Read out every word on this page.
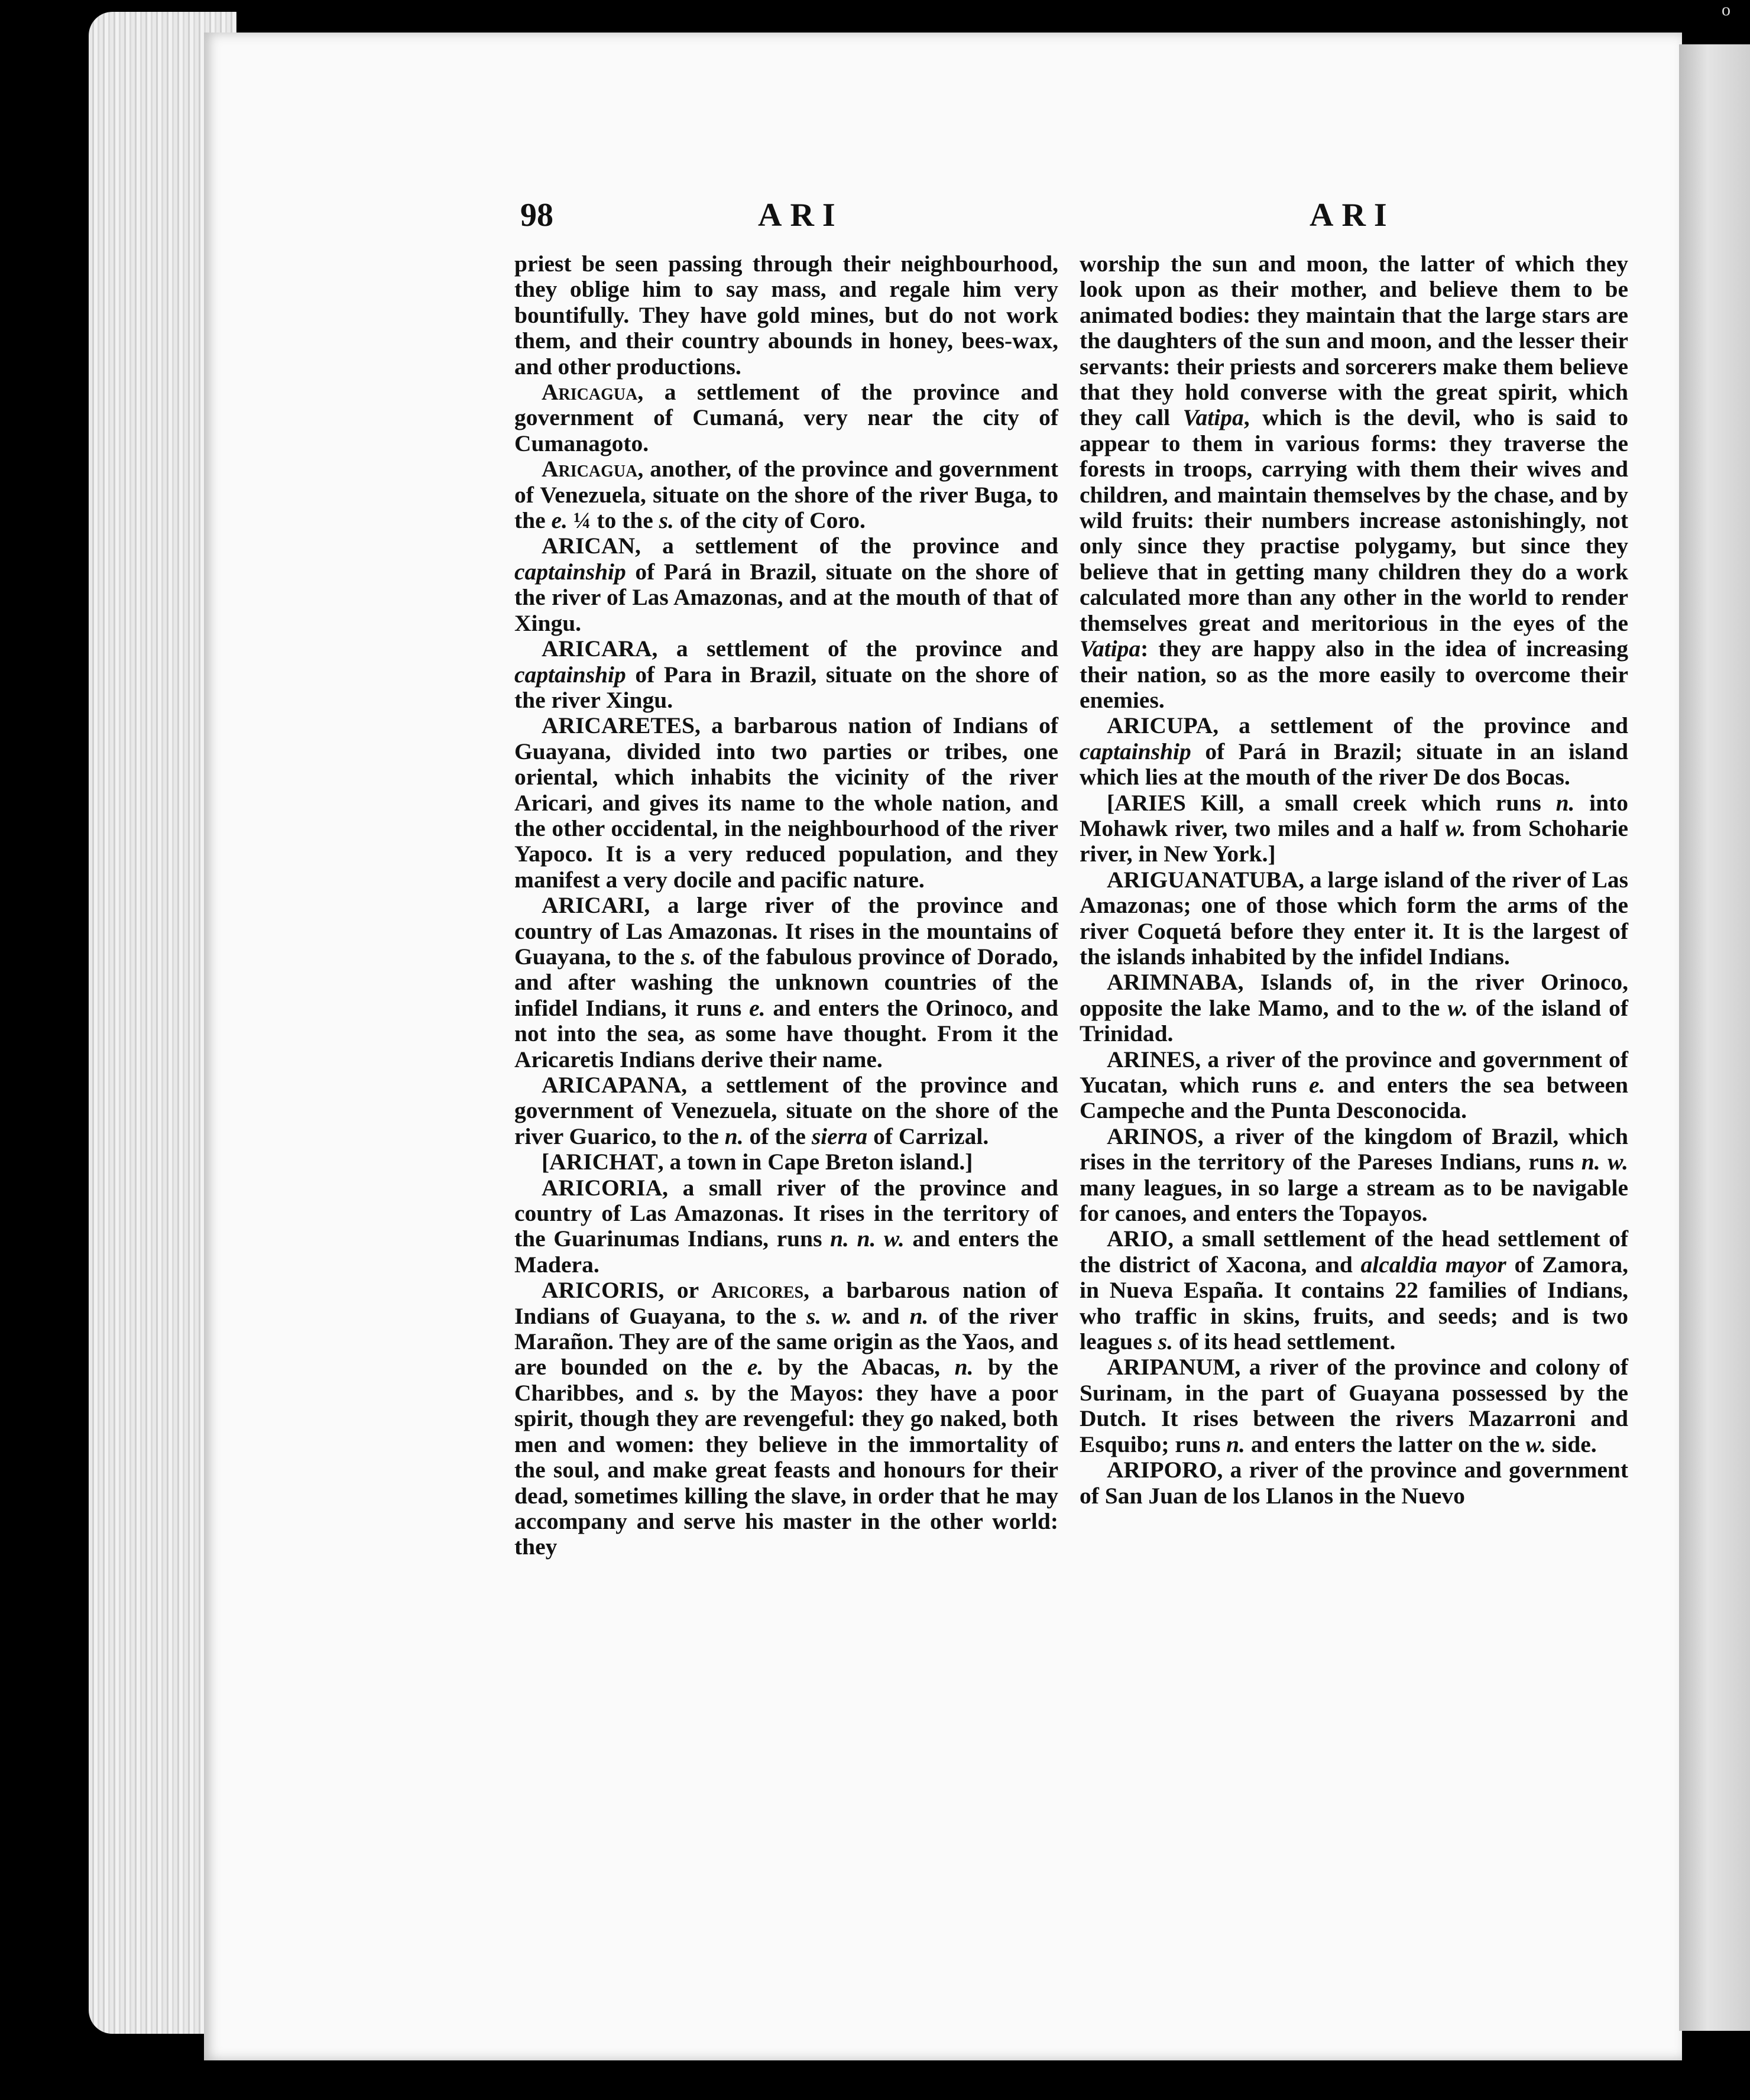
o
98	ARI	ARI

priest be seen passing through their neighbourhood, they oblige him to say mass, and regale him very bountifully. They have gold mines, but do not work them, and their country abounds in honey, bees-wax, and other productions.

Aricagua, a settlement of the province and government of Cumaná, very near the city of Cumanagoto.

Aricagua, another, of the province and government of Venezuela, situate on the shore of the river Buga, to the e. ¼ to the s. of the city of Coro.

ARICAN, a settlement of the province and captainship of Pará in Brazil, situate on the shore of the river of Las Amazonas, and at the mouth of that of Xingu.

ARICARA, a settlement of the province and captainship of Para in Brazil, situate on the shore of the river Xingu.

ARICARETES, a barbarous nation of Indians of Guayana, divided into two parties or tribes, one oriental, which inhabits the vicinity of the river Aricari, and gives its name to the whole nation, and the other occidental, in the neighbourhood of the river Yapoco. It is a very reduced population, and they manifest a very docile and pacific nature.

ARICARI, a large river of the province and country of Las Amazonas. It rises in the mountains of Guayana, to the s. of the fabulous province of Dorado, and after washing the unknown countries of the infidel Indians, it runs e. and enters the Orinoco, and not into the sea, as some have thought. From it the Aricaretis Indians derive their name.

ARICAPANA, a settlement of the province and government of Venezuela, situate on the shore of the river Guarico, to the n. of the sierra of Carrizal.

[ARICHAT, a town in Cape Breton island.]

ARICORIA, a small river of the province and country of Las Amazonas. It rises in the territory of the Guarinumas Indians, runs n. n. w. and enters the Madera.

ARICORIS, or Aricores, a barbarous nation of Indians of Guayana, to the s. w. and n. of the river Marañon. They are of the same origin as the Yaos, and are bounded on the e. by the Abacas, n. by the Charibbes, and s. by the Mayos: they have a poor spirit, though they are revengeful: they go naked, both men and women: they believe in the immortality of the soul, and make great feasts and honours for their dead, sometimes killing the slave, in order that he may accompany and serve his master in the other world: they

worship the sun and moon, the latter of which they look upon as their mother, and believe them to be animated bodies: they maintain that the large stars are the daughters of the sun and moon, and the lesser their servants: their priests and sorcerers make them believe that they hold converse with the great spirit, which they call Vatipa, which is the devil, who is said to appear to them in various forms: they traverse the forests in troops, carrying with them their wives and children, and maintain themselves by the chase, and by wild fruits: their numbers increase astonishingly, not only since they practise polygamy, but since they believe that in getting many children they do a work calculated more than any other in the world to render themselves great and meritorious in the eyes of the Vatipa: they are happy also in the idea of increasing their nation, so as the more easily to overcome their enemies.

ARICUPA, a settlement of the province and captainship of Pará in Brazil; situate in an island which lies at the mouth of the river De dos Bocas.

[ARIES Kill, a small creek which runs n. into Mohawk river, two miles and a half w. from Schoharie river, in New York.]

ARIGUANATUBA, a large island of the river of Las Amazonas; one of those which form the arms of the river Coquetá before they enter it. It is the largest of the islands inhabited by the infidel Indians.

ARIMNABA, Islands of, in the river Orinoco, opposite the lake Mamo, and to the w. of the island of Trinidad.

ARINES, a river of the province and government of Yucatan, which runs e. and enters the sea between Campeche and the Punta Desconocida.

ARINOS, a river of the kingdom of Brazil, which rises in the territory of the Pareses Indians, runs n. w. many leagues, in so large a stream as to be navigable for canoes, and enters the Topayos.

ARIO, a small settlement of the head settlement of the district of Xacona, and alcaldia mayor of Zamora, in Nueva España. It contains 22 families of Indians, who traffic in skins, fruits, and seeds; and is two leagues s. of its head settlement.

ARIPANUM, a river of the province and colony of Surinam, in the part of Guayana possessed by the Dutch. It rises between the rivers Mazarroni and Esquibo; runs n. and enters the latter on the w. side.

ARIPORO, a river of the province and government of San Juan de los Llanos in the Nuevo
